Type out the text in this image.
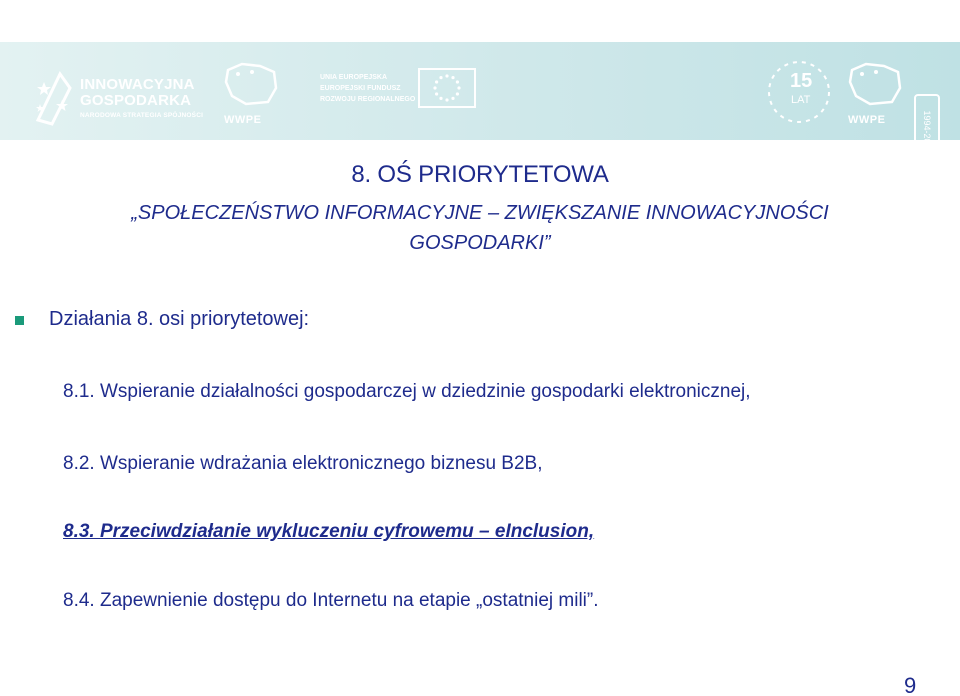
INNOWACYJNA
GOSPODARKA
NARODOWA STRATEGIA SPÓJNOŚCI WWPE
UNIA EUROPEJSKA
EUROPEJSKI FUNDUSZ
ROZWOJU REGIONALNEGO
15
LAT
WWPE	1994-2009
8. OŚ PRIORYTETOWA
„SPOŁECZEŃSTWO INFORMACYJNE – ZWIĘKSZANIE INNOWACYJNOŚCI
GOSPODARKI”
Działania 8. osi priorytetowej:
8.1. Wspieranie działalności gospodarczej w dziedzinie gospodarki elektronicznej,
8.2. Wspieranie wdrażania elektronicznego biznesu B2B,
8.3. Przeciwdziałanie wykluczeniu cyfrowemu – eInclusion,
8.4. Zapewnienie dostępu do Internetu na etapie „ostatniej mili”.
9
